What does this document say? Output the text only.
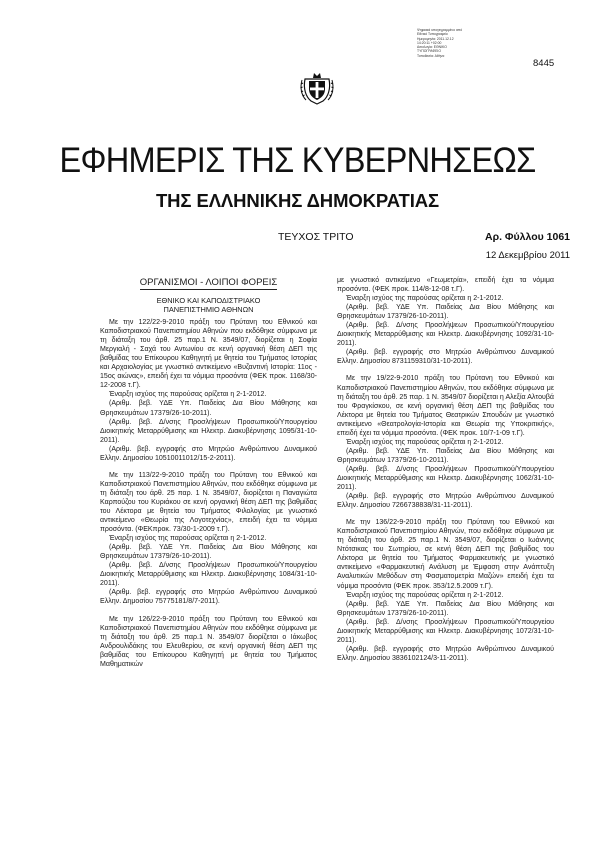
Ψηφιακά υπογεγραμμένο από
Εθνικό Τυπογραφείο
Ημερομηνία: 2011.12.12
14:20:11 +02:00
Αιτιολογία: ΕΘΝΙΚΟ
ΤΥΠΟΓΡΑΦΕΙΟ
Τοποθεσία: Αθήνα
8445
ΕΦΗΜΕΡΙΣ ΤΗΣ ΚΥΒΕΡΝΗΣΕΩΣ
ΤΗΣ ΕΛΛΗΝΙΚΗΣ ΔΗΜΟΚΡΑΤΙΑΣ
ΤΕΥΧΟΣ ΤΡΙΤΟ	Αρ. Φύλλου 1061
12 Δεκεμβρίου 2011
ΟΡΓΑΝΙΣΜΟΙ - ΛΟΙΠΟΙ ΦΟΡΕΙΣ
ΕΘΝΙΚΟ ΚΑΙ ΚΑΠΟΔΙΣΤΡΙΑΚΟ
ΠΑΝΕΠΙΣΤΗΜΙΟ ΑΘΗΝΩΝ

Με την 122/22-9-2010 πράξη του Πρύτανη του Εθνικού και Καποδιστριακού Πανεπιστημίου Αθηνών που εκδόθηκε σύμφωνα με τη διάταξη του άρθ. 25 παρ.1 Ν. 3549/07, διορίζεται η Σοφία Μεργιαλή - Σαχά του Αντωνίου σε κενή οργανική θέση ΔΕΠ της βαθμίδας του Επίκουρου Καθηγητή με θητεία του Τμήματος Ιστορίας και Αρχαιολογίας με γνωστικό αντικείμενο «Βυζαντινή Ιστορία: 11ος - 15ος αιώνας», επειδή έχει τα νόμιμα προσόντα (ΦΕΚ προκ. 1168/30-12-2008 τ.Γ).

Έναρξη ισχύος της παρούσας ορίζεται η 2-1-2012.

(Αριθμ. βεβ. ΥΔΕ Υπ. Παιδείας Δια Βίου Μάθησης και Θρησκευμάτων 17379/26-10-2011).

(Αριθμ. βεβ. Δ/νσης Προσλήψεων Προσωπικού/Υπουργείου Διοικητικής Μεταρρύθμισης και Ηλεκτρ. Διακυβέρνησης 1095/31-10-2011).

(Αριθμ. βεβ. εγγραφής στο Μητρώο Ανθρώπινου Δυναμικού Ελλην. Δημοσίου 10510011012/15-2-2011).

Με την 113/22-9-2010 πράξη του Πρύτανη του Εθνικού και Καποδιστριακού Πανεπιστημίου Αθηνών, που εκδόθηκε σύμφωνα με τη διάταξη του άρθ. 25 παρ. 1 Ν. 3549/07, διορίζεται η Παναγιώτα Καρπούζου του Κυριάκου σε κενή οργανική θέση ΔΕΠ της βαθμίδας του Λέκτορα με θητεία του Τμήματος Φιλολογίας με γνωστικό αντικείμενο «Θεωρία της Λογοτεχνίας», επειδή έχει τα νόμιμα προσόντα. (ΦΕΚπροκ. 73/30-1-2009 τ.Γ).

Έναρξη ισχύος της παρούσας ορίζεται η 2-1-2012.

(Αριθμ. βεβ. ΥΔΕ Υπ. Παιδείας Δια Βίου Μάθησης και Θρησκευμάτων 17379/26-10-2011).

(Αριθμ. βεβ. Δ/νσης Προσλήψεων Προσωπικού/Υπουργείου Διοικητικής Μεταρρύθμισης και Ηλεκτρ. Διακυβέρνησης 1084/31-10-2011).

(Αριθμ. βεβ. εγγραφής στο Μητρώο Ανθρώπινου Δυναμικού Ελλην. Δημοσίου 75775181/8/7-2011).

Με την 126/22-9-2010 πράξη του Πρύτανη του Εθνικού και Καποδιστριακού Πανεπιστημίου Αθηνών που εκδόθηκε σύμφωνα με τη διάταξη του άρθ. 25 παρ.1 Ν. 3549/07 διορίζεται ο Ιάκωβος Ανδρουλιδάκης του Ελευθερίου, σε κενή οργανική θέση ΔΕΠ της βαθμίδας του Επίκουρου Καθηγητή με θητεία του Τμήματος Μαθηματικών

με γνωστικό αντικείμενο «Γεωμετρία», επειδή έχει τα νόμιμα προσόντα. (ΦΕΚ προκ. 114/8-12-08 τ.Γ).

Έναρξη ισχύος της παρούσας ορίζεται η 2-1-2012.

(Αριθμ. βεβ. ΥΔΕ Υπ. Παιδείας Δια Βίου Μάθησης και Θρησκευμάτων 17379/26-10-2011).

(Αριθμ. βεβ. Δ/νσης Προσλήψεων Προσωπικού/Υπουργείου Διοικητικής Μεταρρύθμισης και Ηλεκτρ. Διακυβέρνησης 1092/31-10-2011).

(Αριθμ. βεβ. εγγραφής στο Μητρώο Ανθρώπινου Δυναμικού Ελλην. Δημοσίου 8731159310/31-10-2011).

Με την 19/22-9-2010 πράξη του Πρύτανη του Εθνικού και Καποδιστριακού Πανεπιστημίου Αθηνών, που εκδόθηκε σύμφωνα με τη διάταξη του άρθ. 25 παρ. 1 Ν. 3549/07 διορίζεται η Αλεξία Αλτουβά του Φραγκίσκου, σε κενή οργανική θέση ΔΕΠ της βαθμίδας του Λέκτορα με θητεία του Τμήματος Θεατρικών Σπουδών με γνωστικό αντικείμενο «Θεατρολογία-Ιστορία και Θεωρία της Υποκριτικής», επειδή έχει τα νόμιμα προσόντα. (ΦΕΚ προκ. 10/7-1-09 τ.Γ).

Έναρξη ισχύος της παρούσας ορίζεται η 2-1-2012.

(Αριθμ. βεβ. ΥΔΕ Υπ. Παιδείας Δια Βίου Μάθησης και Θρησκευμάτων 17379/26-10-2011).

(Αριθμ. βεβ. Δ/νσης Προσλήψεων Προσωπικού/Υπουργείου Διοικητικής Μεταρρύθμισης και Ηλεκτρ. Διακυβέρνησης 1062/31-10-2011).

(Αριθμ. βεβ. εγγραφής στο Μητρώο Ανθρώπινου Δυναμικού Ελλην. Δημοσίου 7266738838/31-11-2011).

Με την 136/22-9-2010 πράξη του Πρύτανη του Εθνικού και Καποδιστριακού Πανεπιστημίου Αθηνών, που εκδόθηκε σύμφωνα με τη διάταξη του άρθ. 25 παρ.1 Ν. 3549/07, διορίζεται ο Ιωάννης Ντότσικας του Σωτηρίου, σε κενή θέση ΔΕΠ της βαθμίδας του Λέκτορα με θητεία του Τμήματος Φαρμακευτικής με γνωστικό αντικείμενο «Φαρμακευτική Ανάλυση με Έμφαση στην Ανάπτυξη Αναλυτικών Μεθόδων στη Φασματομετρία Μαζών» επειδή έχει τα νόμιμα προσόντα (ΦΕΚ προκ. 353/12.5.2009 τ.Γ).

Έναρξη ισχύος της παρούσας ορίζεται η 2-1-2012.

(Αριθμ. βεβ. ΥΔΕ Υπ. Παιδείας Δια Βίου Μάθησης και Θρησκευμάτων 17379/26-10-2011).

(Αριθμ. βεβ. Δ/νσης Προσλήψεων Προσωπικού/Υπουργείου Διοικητικής Μεταρρύθμισης και Ηλεκτρ. Διακυβέρνησης 1072/31-10-2011).

(Αριθμ. βεβ. εγγραφής στο Μητρώο Ανθρώπινου Δυναμικού Ελλην. Δημοσίου 3836102124/3-11-2011).
